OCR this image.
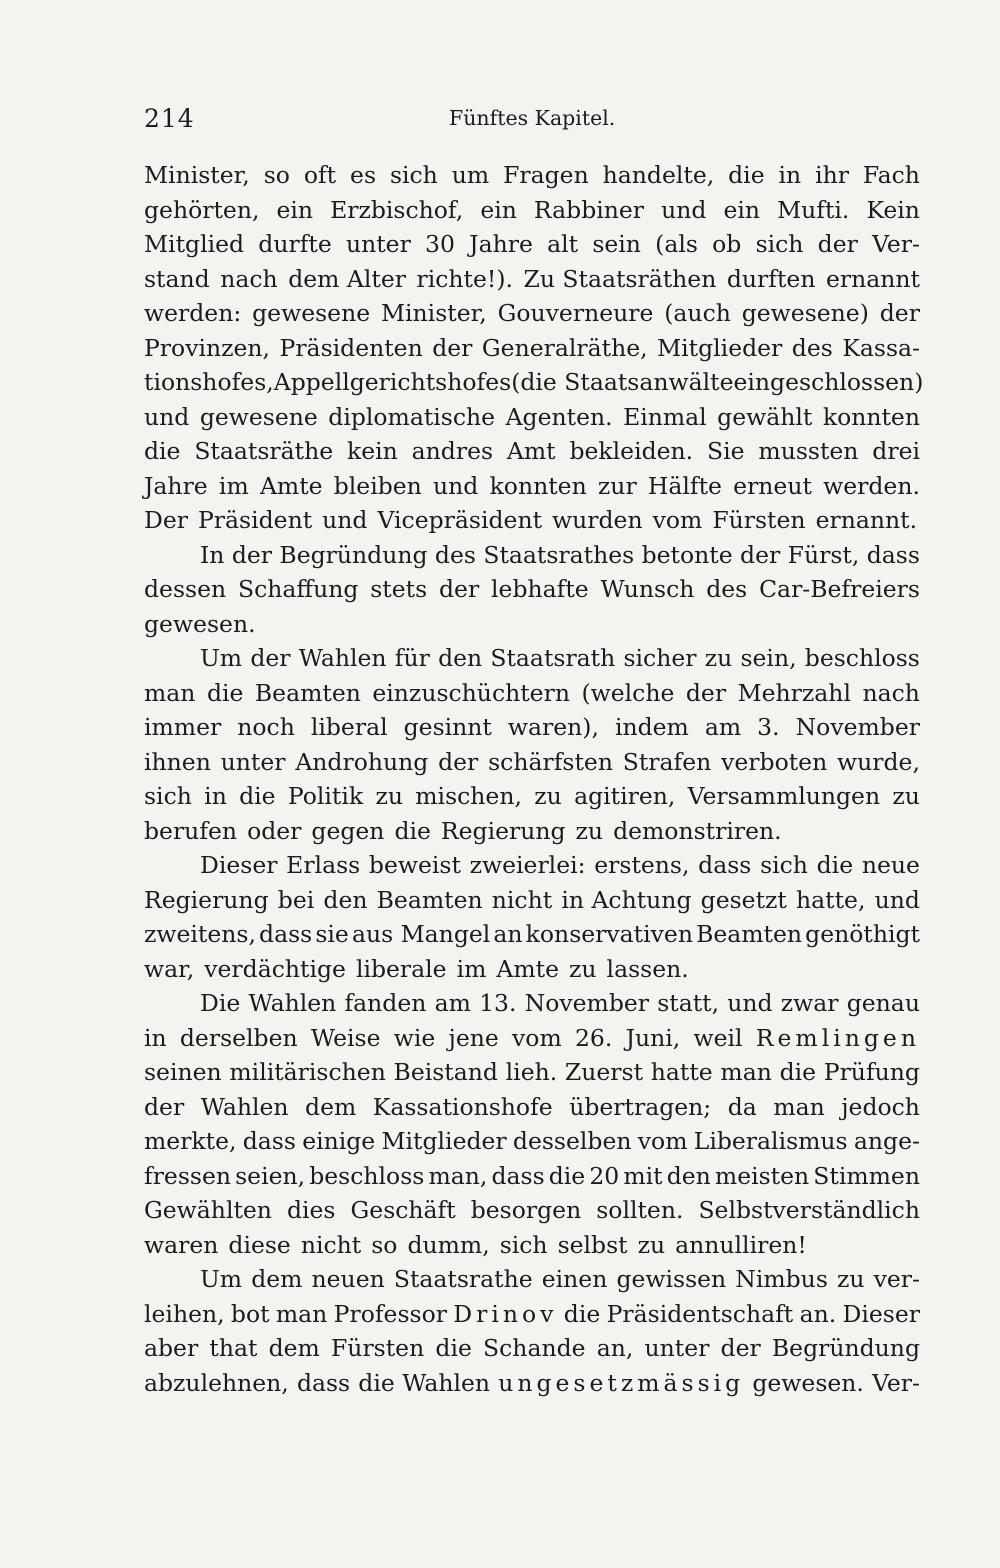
214	Fünftes Kapitel.
Minister, so oft es sich um Fragen handelte, die in ihr Fach
gehörten, ein Erzbischof, ein Rabbiner und ein Mufti. Kein
Mitglied durfte unter 30 Jahre alt sein (als ob sich der Ver-
stand nach dem Alter richte!). Zu Staatsräthen durften ernannt
werden: gewesene Minister, Gouverneure (auch gewesene) der
Provinzen, Präsidenten der Generalräthe, Mitglieder des Kassa-
tionshofes, Appellgerichtshofes (die Staatsanwälte eingeschlossen)
und gewesene diplomatische Agenten. Einmal gewählt konnten
die Staatsräthe kein andres Amt bekleiden. Sie mussten drei
Jahre im Amte bleiben und konnten zur Hälfte erneut werden.
Der Präsident und Vicepräsident wurden vom Fürsten ernannt.
In der Begründung des Staatsrathes betonte der Fürst, dass
dessen Schaffung stets der lebhafte Wunsch des Car-Befreiers
gewesen.
Um der Wahlen für den Staatsrath sicher zu sein, beschloss
man die Beamten einzuschüchtern (welche der Mehrzahl nach
immer noch liberal gesinnt waren), indem am 3. November
ihnen unter Androhung der schärfsten Strafen verboten wurde,
sich in die Politik zu mischen, zu agitiren, Versammlungen zu
berufen oder gegen die Regierung zu demonstriren.
Dieser Erlass beweist zweierlei: erstens, dass sich die neue
Regierung bei den Beamten nicht in Achtung gesetzt hatte, und
zweitens, dass sie aus Mangel an konservativen Beamten genöthigt
war, verdächtige liberale im Amte zu lassen.
Die Wahlen fanden am 13. November statt, und zwar genau
in derselben Weise wie jene vom 26. Juni, weil Remlingen
seinen militärischen Beistand lieh. Zuerst hatte man die Prüfung
der Wahlen dem Kassationshofe übertragen; da man jedoch
merkte, dass einige Mitglieder desselben vom Liberalismus ange-
fressen seien, beschloss man, dass die 20 mit den meisten Stimmen
Gewählten dies Geschäft besorgen sollten. Selbstverständlich
waren diese nicht so dumm, sich selbst zu annulliren!
Um dem neuen Staatsrathe einen gewissen Nimbus zu ver-
leihen, bot man Professor Drinov die Präsidentschaft an. Dieser
aber that dem Fürsten die Schande an, unter der Begründung
abzulehnen, dass die Wahlen ungesetzmässig gewesen. Ver-
